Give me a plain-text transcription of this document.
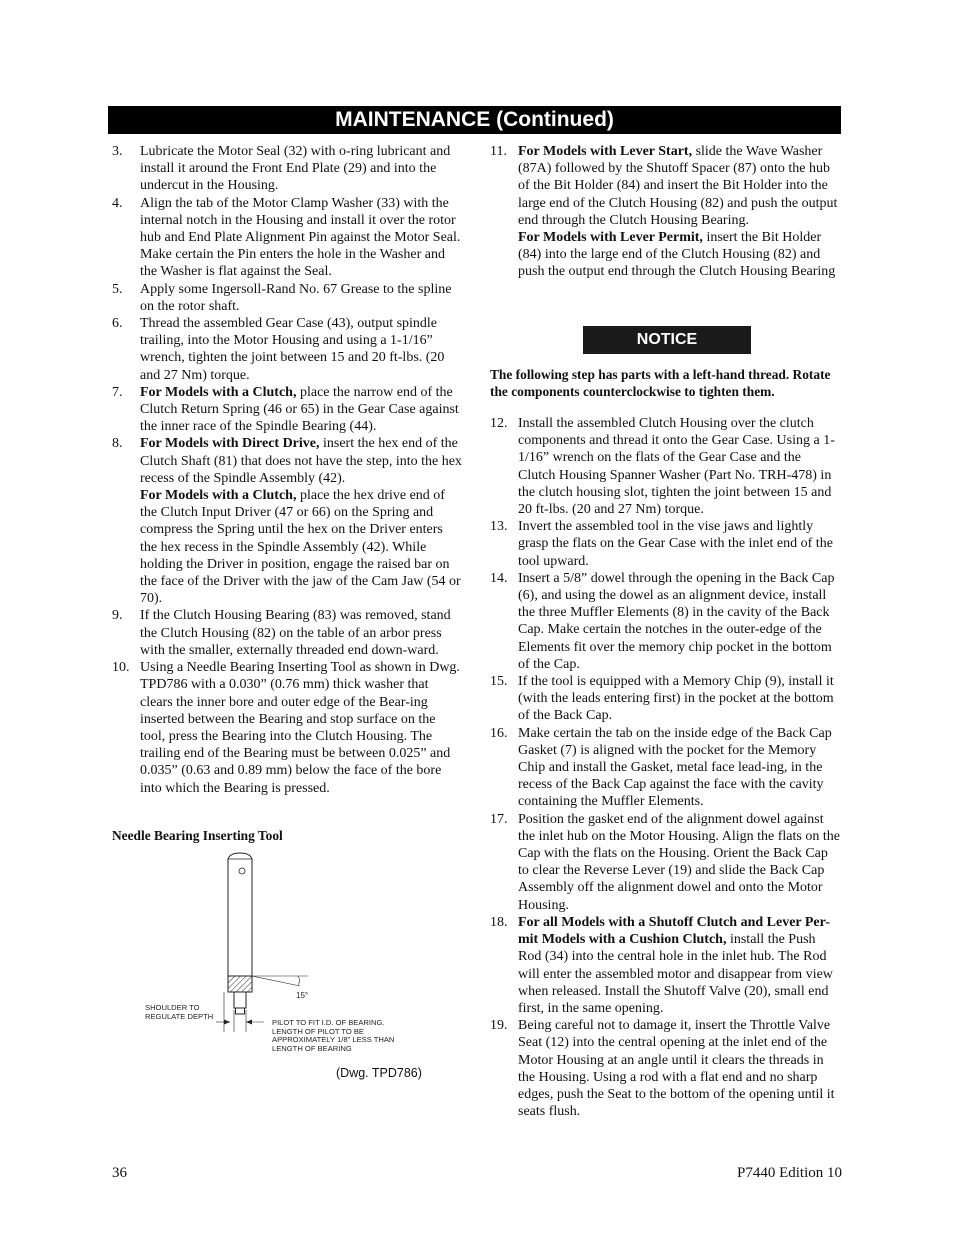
MAINTENANCE (Continued)
3. Lubricate the Motor Seal (32) with o-ring lubricant and install it around the Front End Plate (29) and into the undercut in the Housing.
4. Align the tab of the Motor Clamp Washer (33) with the internal notch in the Housing and install it over the rotor hub and End Plate Alignment Pin against the Motor Seal. Make certain the Pin enters the hole in the Washer and the Washer is flat against the Seal.
5. Apply some Ingersoll-Rand No. 67 Grease to the spline on the rotor shaft.
6. Thread the assembled Gear Case (43), output spindle trailing, into the Motor Housing and using a 1-1/16” wrench, tighten the joint between 15 and 20 ft-lbs. (20 and 27 Nm) torque.
7. For Models with a Clutch, place the narrow end of the Clutch Return Spring (46 or 65) in the Gear Case against the inner race of the Spindle Bearing (44).
8. For Models with Direct Drive, insert the hex end of the Clutch Shaft (81) that does not have the step, into the hex recess of the Spindle Assembly (42).
For Models with a Clutch, place the hex drive end of the Clutch Input Driver (47 or 66) on the Spring and compress the Spring until the hex on the Driver enters the hex recess in the Spindle Assembly (42). While holding the Driver in position, engage the raised bar on the face of the Driver with the jaw of the Cam Jaw (54 or 70).
9. If the Clutch Housing Bearing (83) was removed, stand the Clutch Housing (82) on the table of an arbor press with the smaller, externally threaded end down-ward.
10. Using a Needle Bearing Inserting Tool as shown in Dwg. TPD786 with a 0.030” (0.76 mm) thick washer that clears the inner bore and outer edge of the Bear-ing inserted between the Bearing and stop surface on the tool, press the Bearing into the Clutch Housing. The trailing end of the Bearing must be between 0.025” and 0.035” (0.63 and 0.89 mm) below the face of the bore into which the Bearing is pressed.
Needle Bearing Inserting Tool
15°
SHOULDER TO REGULATE DEPTH
PILOT TO FIT I.D. OF BEARING. LENGTH OF PILOT TO BE APPROXIMATELY 1/8" LESS THAN LENGTH OF BEARING
(Dwg. TPD786)
11. For Models with Lever Start, slide the Wave Washer (87A) followed by the Shutoff Spacer (87) onto the hub of the Bit Holder (84) and insert the Bit Holder into the large end of the Clutch Housing (82) and push the output end through the Clutch Housing Bearing.
For Models with Lever Permit, insert the Bit Holder (84) into the large end of the Clutch Housing (82) and push the output end through the Clutch Housing Bearing
NOTICE
The following step has parts with a left-hand thread. Rotate the components counterclockwise to tighten them.
12. Install the assembled Clutch Housing over the clutch components and thread it onto the Gear Case. Using a 1-1/16” wrench on the flats of the Gear Case and the Clutch Housing Spanner Washer (Part No. TRH-478) in the clutch housing slot, tighten the joint between 15 and 20 ft-lbs. (20 and 27 Nm) torque.
13. Invert the assembled tool in the vise jaws and lightly grasp the flats on the Gear Case with the inlet end of the tool upward.
14. Insert a 5/8” dowel through the opening in the Back Cap (6), and using the dowel as an alignment device, install the three Muffler Elements (8) in the cavity of the Back Cap. Make certain the notches in the outer-edge of the Elements fit over the memory chip pocket in the bottom of the Cap.
15. If the tool is equipped with a Memory Chip (9), install it (with the leads entering first) in the pocket at the bottom of the Back Cap.
16. Make certain the tab on the inside edge of the Back Cap Gasket (7) is aligned with the pocket for the Memory Chip and install the Gasket, metal face lead-ing, in the recess of the Back Cap against the face with the cavity containing the Muffler Elements.
17. Position the gasket end of the alignment dowel against the inlet hub on the Motor Housing. Align the flats on the Cap with the flats on the Housing. Orient the Back Cap to clear the Reverse Lever (19) and slide the Back Cap Assembly off the alignment dowel and onto the Motor Housing.
18. For all Models with a Shutoff Clutch and Lever Per-mit Models with a Cushion Clutch, install the Push Rod (34) into the central hole in the inlet hub. The Rod will enter the assembled motor and disappear from view when released. Install the Shutoff Valve (20), small end first, in the same opening.
19. Being careful not to damage it, insert the Throttle Valve Seat (12) into the central opening at the inlet end of the Motor Housing at an angle until it clears the threads in the Housing. Using a rod with a flat end and no sharp edges, push the Seat to the bottom of the opening until it seats flush.
36	P7440 Edition 10
